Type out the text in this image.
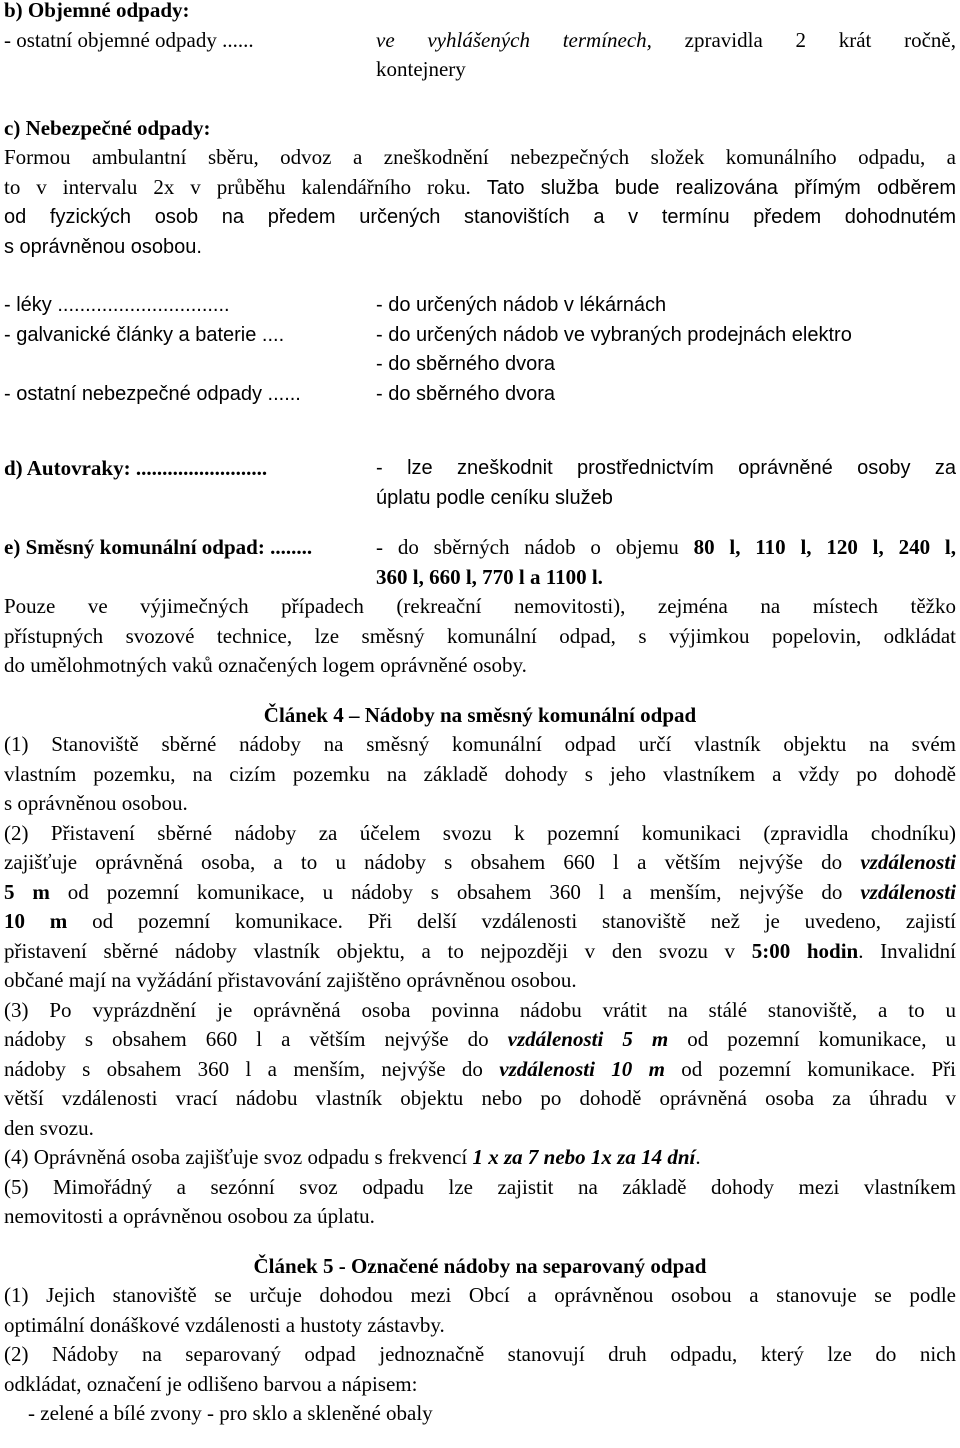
b) Objemné odpady:
- ostatní objemné odpady ......	ve vyhlášených termínech, zpravidla 2 krát ročně,
kontejnery
c) Nebezpečné odpady:
Formou ambulantní sběru, odvoz a zneškodnění nebezpečných složek komunálního odpadu, a
to v intervalu 2x v průběhu kalendářního roku. Tato služba bude realizována přímým odběrem
od fyzických osob na předem určených stanovištích a v termínu předem dohodnutém
s oprávněnou osobou.
- léky ...............................	- do určených nádob v lékárnách
- galvanické články a baterie ....	- do určených nádob ve vybraných prodejnách elektro
- do sběrného dvora
- ostatní nebezpečné odpady ......	- do sběrného dvora
d) Autovraky: .........................	- lze zneškodnit prostřednictvím oprávněné osoby za
úplatu podle ceníku služeb
e) Směsný komunální odpad: ........	- do sběrných nádob o objemu 80 l, 110 l, 120 l, 240 l,
360 l, 660 l, 770 l a 1100 l.
Pouze ve výjimečných případech (rekreační nemovitosti), zejména na místech těžko
přístupných svozové technice, lze směsný komunální odpad, s výjimkou popelovin, odkládat
do umělohmotných vaků označených logem oprávněné osoby.
Článek 4 – Nádoby na směsný komunální odpad
(1) Stanoviště sběrné nádoby na směsný komunální odpad určí vlastník objektu na svém
vlastním pozemku, na cizím pozemku na základě dohody s jeho vlastníkem a vždy po dohodě
s oprávněnou osobou.
(2) Přistavení sběrné nádoby za účelem svozu k pozemní komunikaci (zpravidla chodníku)
zajišťuje oprávněná osoba, a to u nádoby s obsahem 660 l a větším nejvýše do vzdálenosti
5 m od pozemní komunikace, u nádoby s obsahem 360 l a menším, nejvýše do vzdálenosti
10 m od pozemní komunikace. Při delší vzdálenosti stanoviště než je uvedeno, zajistí
přistavení sběrné nádoby vlastník objektu, a to nejpozději v den svozu v 5:00 hodin. Invalidní
občané mají na vyžádání přistavování zajištěno oprávněnou osobou.
(3) Po vyprázdnění je oprávněná osoba povinna nádobu vrátit na stálé stanoviště, a to u
nádoby s obsahem 660 l a větším nejvýše do vzdálenosti 5 m od pozemní komunikace, u
nádoby s obsahem 360 l a menším, nejvýše do vzdálenosti 10 m od pozemní komunikace. Při
větší vzdálenosti vrací nádobu vlastník objektu nebo po dohodě oprávněná osoba za úhradu v
den svozu.
(4) Oprávněná osoba zajišťuje svoz odpadu s frekvencí 1 x za 7 nebo 1x za 14 dní.
(5) Mimořádný a sezónní svoz odpadu lze zajistit na základě dohody mezi vlastníkem
nemovitosti a oprávněnou osobou za úplatu.
Článek 5 - Označené nádoby na separovaný odpad
(1) Jejich stanoviště se určuje dohodou mezi Obcí a oprávněnou osobou a stanovuje se podle
optimální donáškové vzdálenosti a hustoty zástavby.
(2) Nádoby na separovaný odpad jednoznačně stanovují druh odpadu, který lze do nich
odkládat, označení je odlišeno barvou a nápisem:
- zelené a bílé zvony - pro sklo a skleněné obaly
